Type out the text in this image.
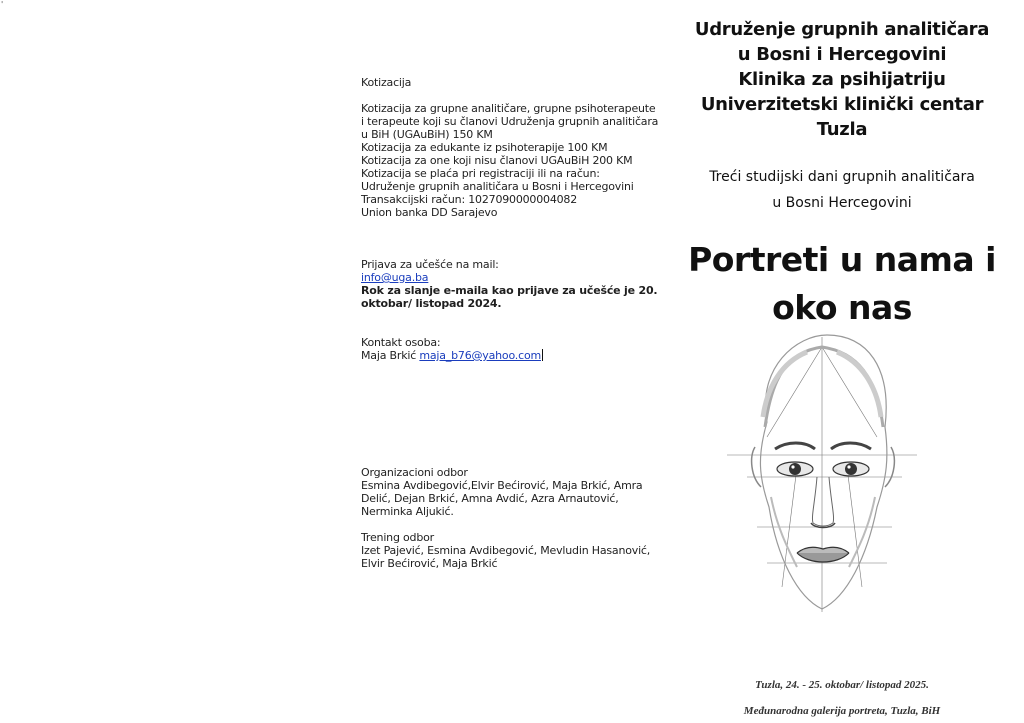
'
Kotizacija
Kotizacija za grupne analitičare, grupne psihoterapeute
i terapeute koji su članovi Udruženja grupnih analitičara
u BiH (UGAuBiH) 150 KM
Kotizacija za edukante iz psihoterapije 100 KM
Kotizacija za one koji nisu članovi UGAuBiH 200 KM
Kotizacija se plaća pri registraciji ili na račun:
Udruženje grupnih analitičara u Bosni i Hercegovini
Transakcijski račun: 1027090000004082
Union banka DD Sarajevo
Prijava za učešće na mail:
info@uga.ba
Rok za slanje e-maila kao prijave za učešće je 20.
oktobar/ listopad 2024.
Kontakt osoba:
Maja Brkić maja_b76@yahoo.com
Organizacioni odbor
Esmina Avdibegović,Elvir Bećirović, Maja Brkić, Amra
Delić, Dejan Brkić, Amna Avdić, Azra Arnautović,
Nerminka Aljukić.
Trening odbor
Izet Pajević, Esmina Avdibegović, Mevludin Hasanović,
Elvir Bećirović, Maja Brkić
Udruženje grupnih analitičara
u Bosni i Hercegovini
Klinika za psihijatriju
Univerzitetski klinički centar Tuzla
Treći studijski dani grupnih analitičara
u Bosni Hercegovini
Portreti u nama i
oko nas
Tuzla, 24. - 25. oktobar/ listopad 2025.
Međunarodna galerija portreta, Tuzla, BiH
